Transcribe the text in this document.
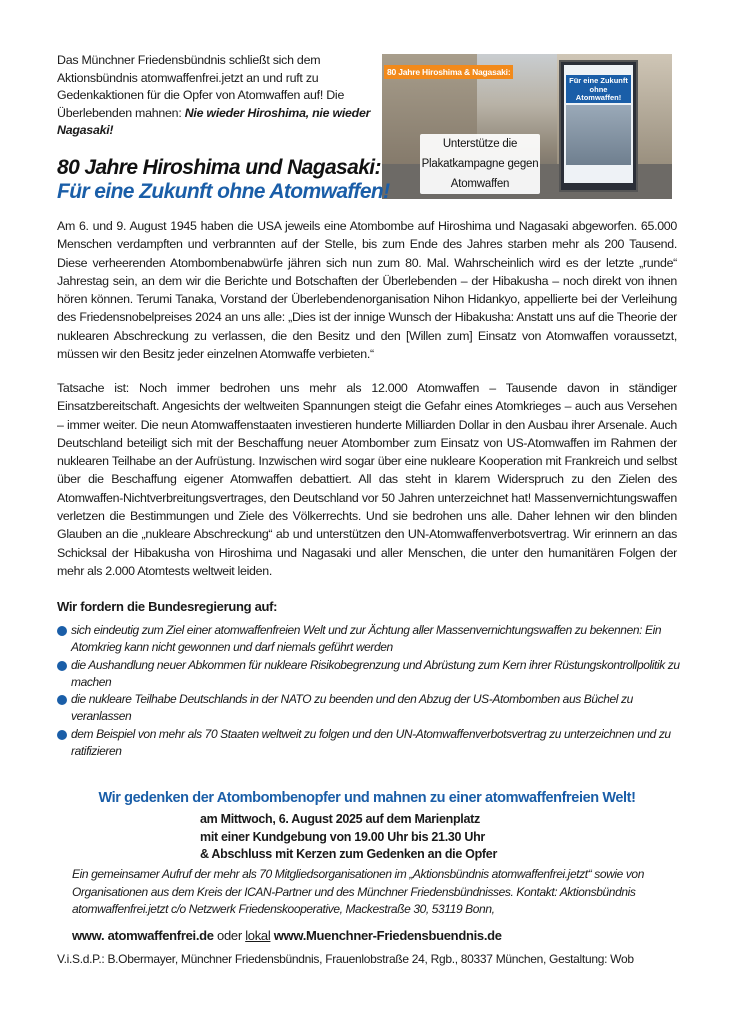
Das Münchner Friedensbündnis schließt sich dem Aktionsbündnis atomwaffenfrei.jetzt an und ruft zu Gedenkaktionen für die Opfer von Atomwaffen auf! Die Überlebenden mahnen: Nie wieder Hiroshima, nie wieder Nagasaki!
80 Jahre Hiroshima & Nagasaki:
Für eine Zukunft ohne Atomwaffen!
Unterstütze die
Plakatkampagne gegen
Atomwaffen
80 Jahre Hiroshima und Nagasaki:
Für eine Zukunft ohne Atomwaffen!
Am 6. und 9. August 1945 haben die USA jeweils eine Atombombe auf Hiroshima und Nagasaki abgeworfen. 65.000 Menschen verdampften und verbrannten auf der Stelle, bis zum Ende des Jahres starben mehr als 200 Tausend. Diese verheerenden Atombombenabwürfe jähren sich nun zum 80. Mal. Wahrscheinlich wird es der letzte „runde“ Jahrestag sein, an dem wir die Berichte und Botschaften der Überlebenden – der Hibakusha – noch direkt von ihnen hören können. Terumi Tanaka, Vorstand der Überlebendenorganisation Nihon Hidankyo, appellierte bei der Verleihung des Friedensnobelpreises 2024 an uns alle: „Dies ist der innige Wunsch der Hibakusha: Anstatt uns auf die Theorie der nuklearen Abschreckung zu verlassen, die den Besitz und den [Willen zum] Einsatz von Atomwaffen voraussetzt, müssen wir den Besitz jeder einzelnen Atomwaffe verbieten.“
Tatsache ist: Noch immer bedrohen uns mehr als 12.000 Atomwaffen – Tausende davon in ständiger Einsatzbereitschaft. Angesichts der weltweiten Spannungen steigt die Gefahr eines Atomkrieges – auch aus Versehen – immer weiter. Die neun Atomwaffenstaaten investieren hunderte Milliarden Dollar in den Ausbau ihrer Arsenale. Auch Deutschland beteiligt sich mit der Beschaffung neuer Atombomber zum Einsatz von US-Atomwaffen im Rahmen der nuklearen Teilhabe an der Aufrüstung. Inzwischen wird sogar über eine nukleare Kooperation mit Frankreich und selbst über die Beschaffung eigener Atomwaffen debattiert. All das steht in klarem Widerspruch zu den Zielen des Atomwaffen-Nichtverbreitungsvertrages, den Deutschland vor 50 Jahren unterzeichnet hat! Massenvernichtungswaffen verletzen die Bestimmungen und Ziele des Völkerrechts. Und sie bedrohen uns alle. Daher lehnen wir den blinden Glauben an die „nukleare Abschreckung“ ab und unterstützen den UN-Atomwaffenverbotsvertrag. Wir erinnern an das Schicksal der Hibakusha von Hiroshima und Nagasaki und aller Menschen, die unter den humanitären Folgen der mehr als 2.000 Atomtests weltweit leiden.
Wir fordern die Bundesregierung auf:
sich eindeutig zum Ziel einer atomwaffenfreien Welt und zur Ächtung aller Massenvernichtungswaffen zu bekennen: Ein Atomkrieg kann nicht gewonnen und darf niemals geführt werden
die Aushandlung neuer Abkommen für nukleare Risikobegrenzung und Abrüstung zum Kern ihrer Rüstungskontrollpolitik zu machen
die nukleare Teilhabe Deutschlands in der NATO zu beenden und den Abzug der US-Atombomben aus Büchel zu veranlassen
dem Beispiel von mehr als 70 Staaten weltweit zu folgen und den UN-Atomwaffenverbotsvertrag zu unterzeichnen und zu ratifizieren
Wir gedenken der Atombombenopfer und mahnen zu einer atomwaffenfreien Welt!
am Mittwoch, 6. August 2025 auf dem Marienplatz
mit einer Kundgebung von 19.00 Uhr bis 21.30 Uhr
& Abschluss mit Kerzen zum Gedenken an die Opfer
Ein gemeinsamer Aufruf der mehr als 70 Mitgliedsorganisationen im „Aktionsbündnis atomwaffenfrei.jetzt“ sowie von Organisationen aus dem Kreis der ICAN-Partner und des Münchner Friedensbündnisses. Kontakt: Aktionsbündnis atomwaffenfrei.jetzt c/o Netzwerk Friedenskooperative, Mackestraße 30, 53119 Bonn,
www. atomwaffenfrei.de oder lokal www.Muenchner-Friedensbuendnis.de
V.i.S.d.P.: B.Obermayer, Münchner Friedensbündnis, Frauenlobstraße 24, Rgb., 80337 München, Gestaltung: Wob
